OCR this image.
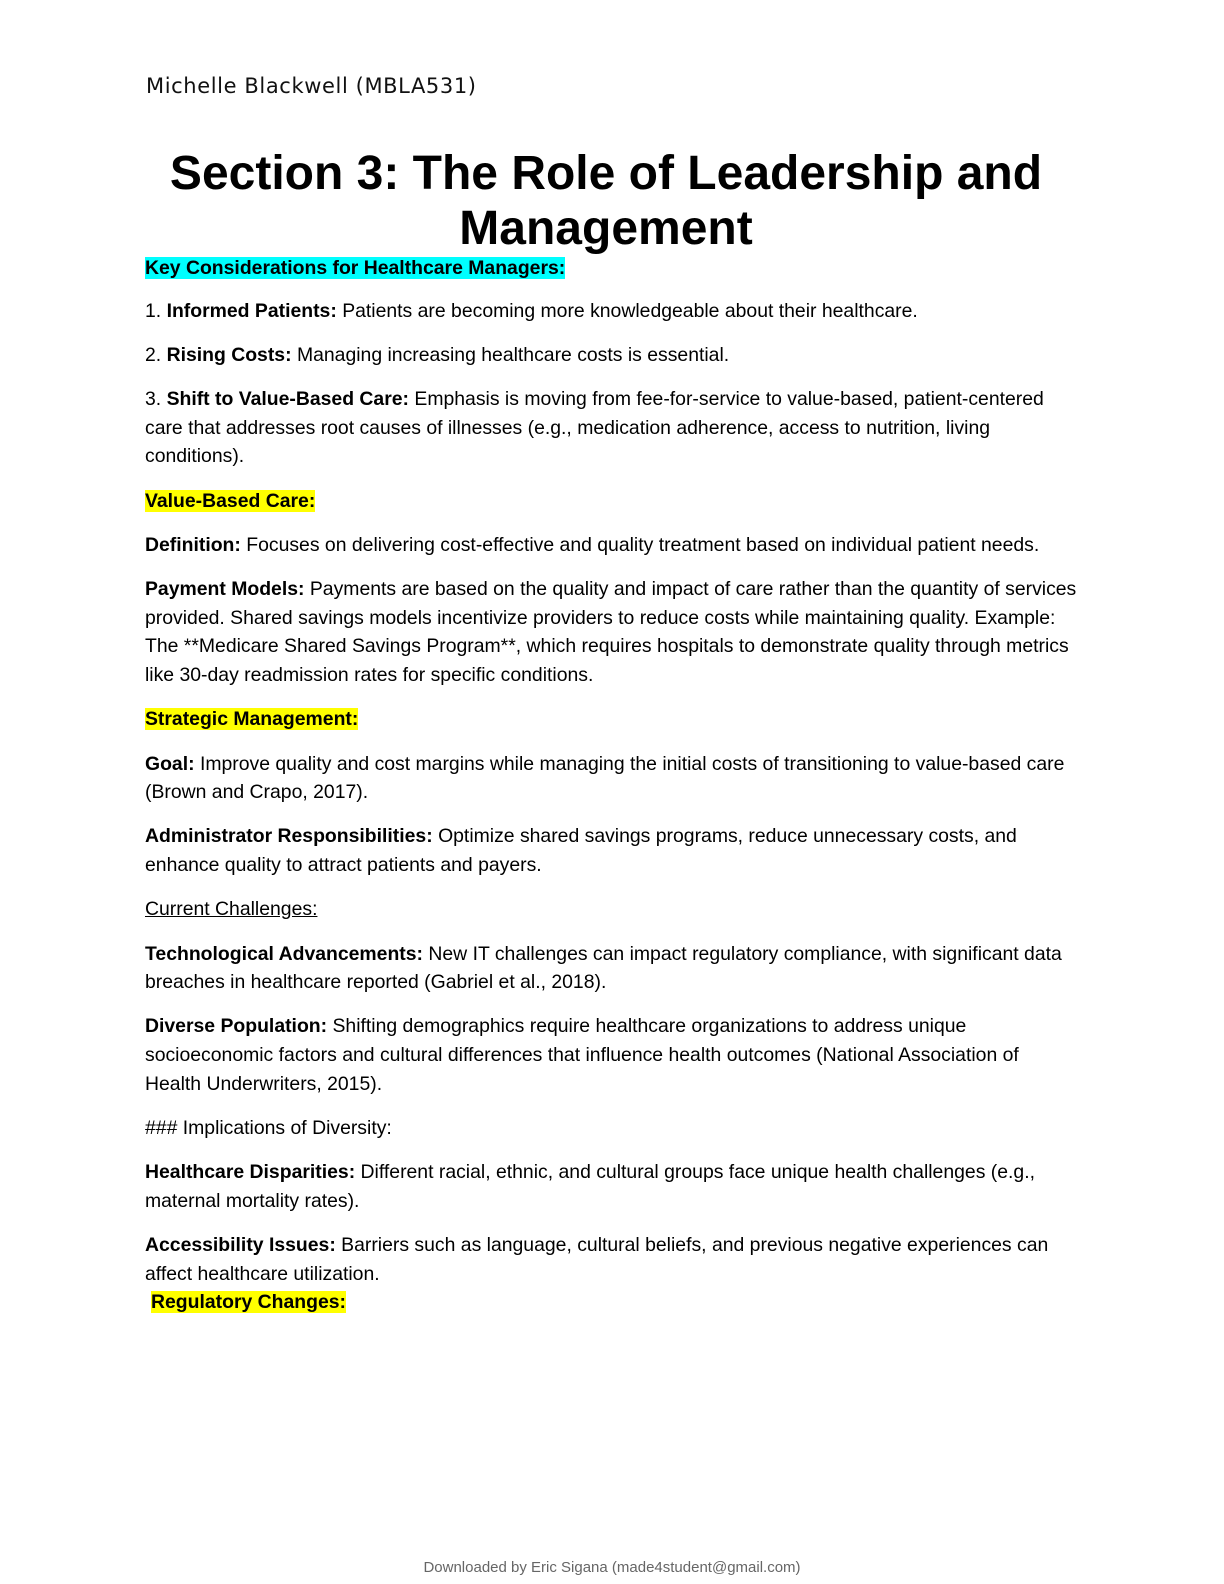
Michelle Blackwell (MBLA531)
Section 3: The Role of Leadership and Management

Key Considerations for Healthcare Managers:

1. Informed Patients: Patients are becoming more knowledgeable about their healthcare.

2. Rising Costs: Managing increasing healthcare costs is essential.

3. Shift to Value-Based Care: Emphasis is moving from fee-for-service to value-based, patient-centered care that addresses root causes of illnesses (e.g., medication adherence, access to nutrition, living conditions).

Value-Based Care:

Definition: Focuses on delivering cost-effective and quality treatment based on individual patient needs.

Payment Models: Payments are based on the quality and impact of care rather than the quantity of services provided. Shared savings models incentivize providers to reduce costs while maintaining quality. Example: The **Medicare Shared Savings Program**, which requires hospitals to demonstrate quality through metrics like 30-day readmission rates for specific conditions.

Strategic Management:

Goal: Improve quality and cost margins while managing the initial costs of transitioning to value-based care (Brown and Crapo, 2017).

Administrator Responsibilities: Optimize shared savings programs, reduce unnecessary costs, and enhance quality to attract patients and payers.

Current Challenges:

Technological Advancements: New IT challenges can impact regulatory compliance, with significant data breaches in healthcare reported (Gabriel et al., 2018).

Diverse Population: Shifting demographics require healthcare organizations to address unique socioeconomic factors and cultural differences that influence health outcomes (National Association of Health Underwriters, 2015).

### Implications of Diversity:

Healthcare Disparities: Different racial, ethnic, and cultural groups face unique health challenges (e.g., maternal mortality rates).

Accessibility Issues: Barriers such as language, cultural beliefs, and previous negative experiences can affect healthcare utilization.

Regulatory Changes:

Downloaded by Eric Sigana (made4student@gmail.com)
